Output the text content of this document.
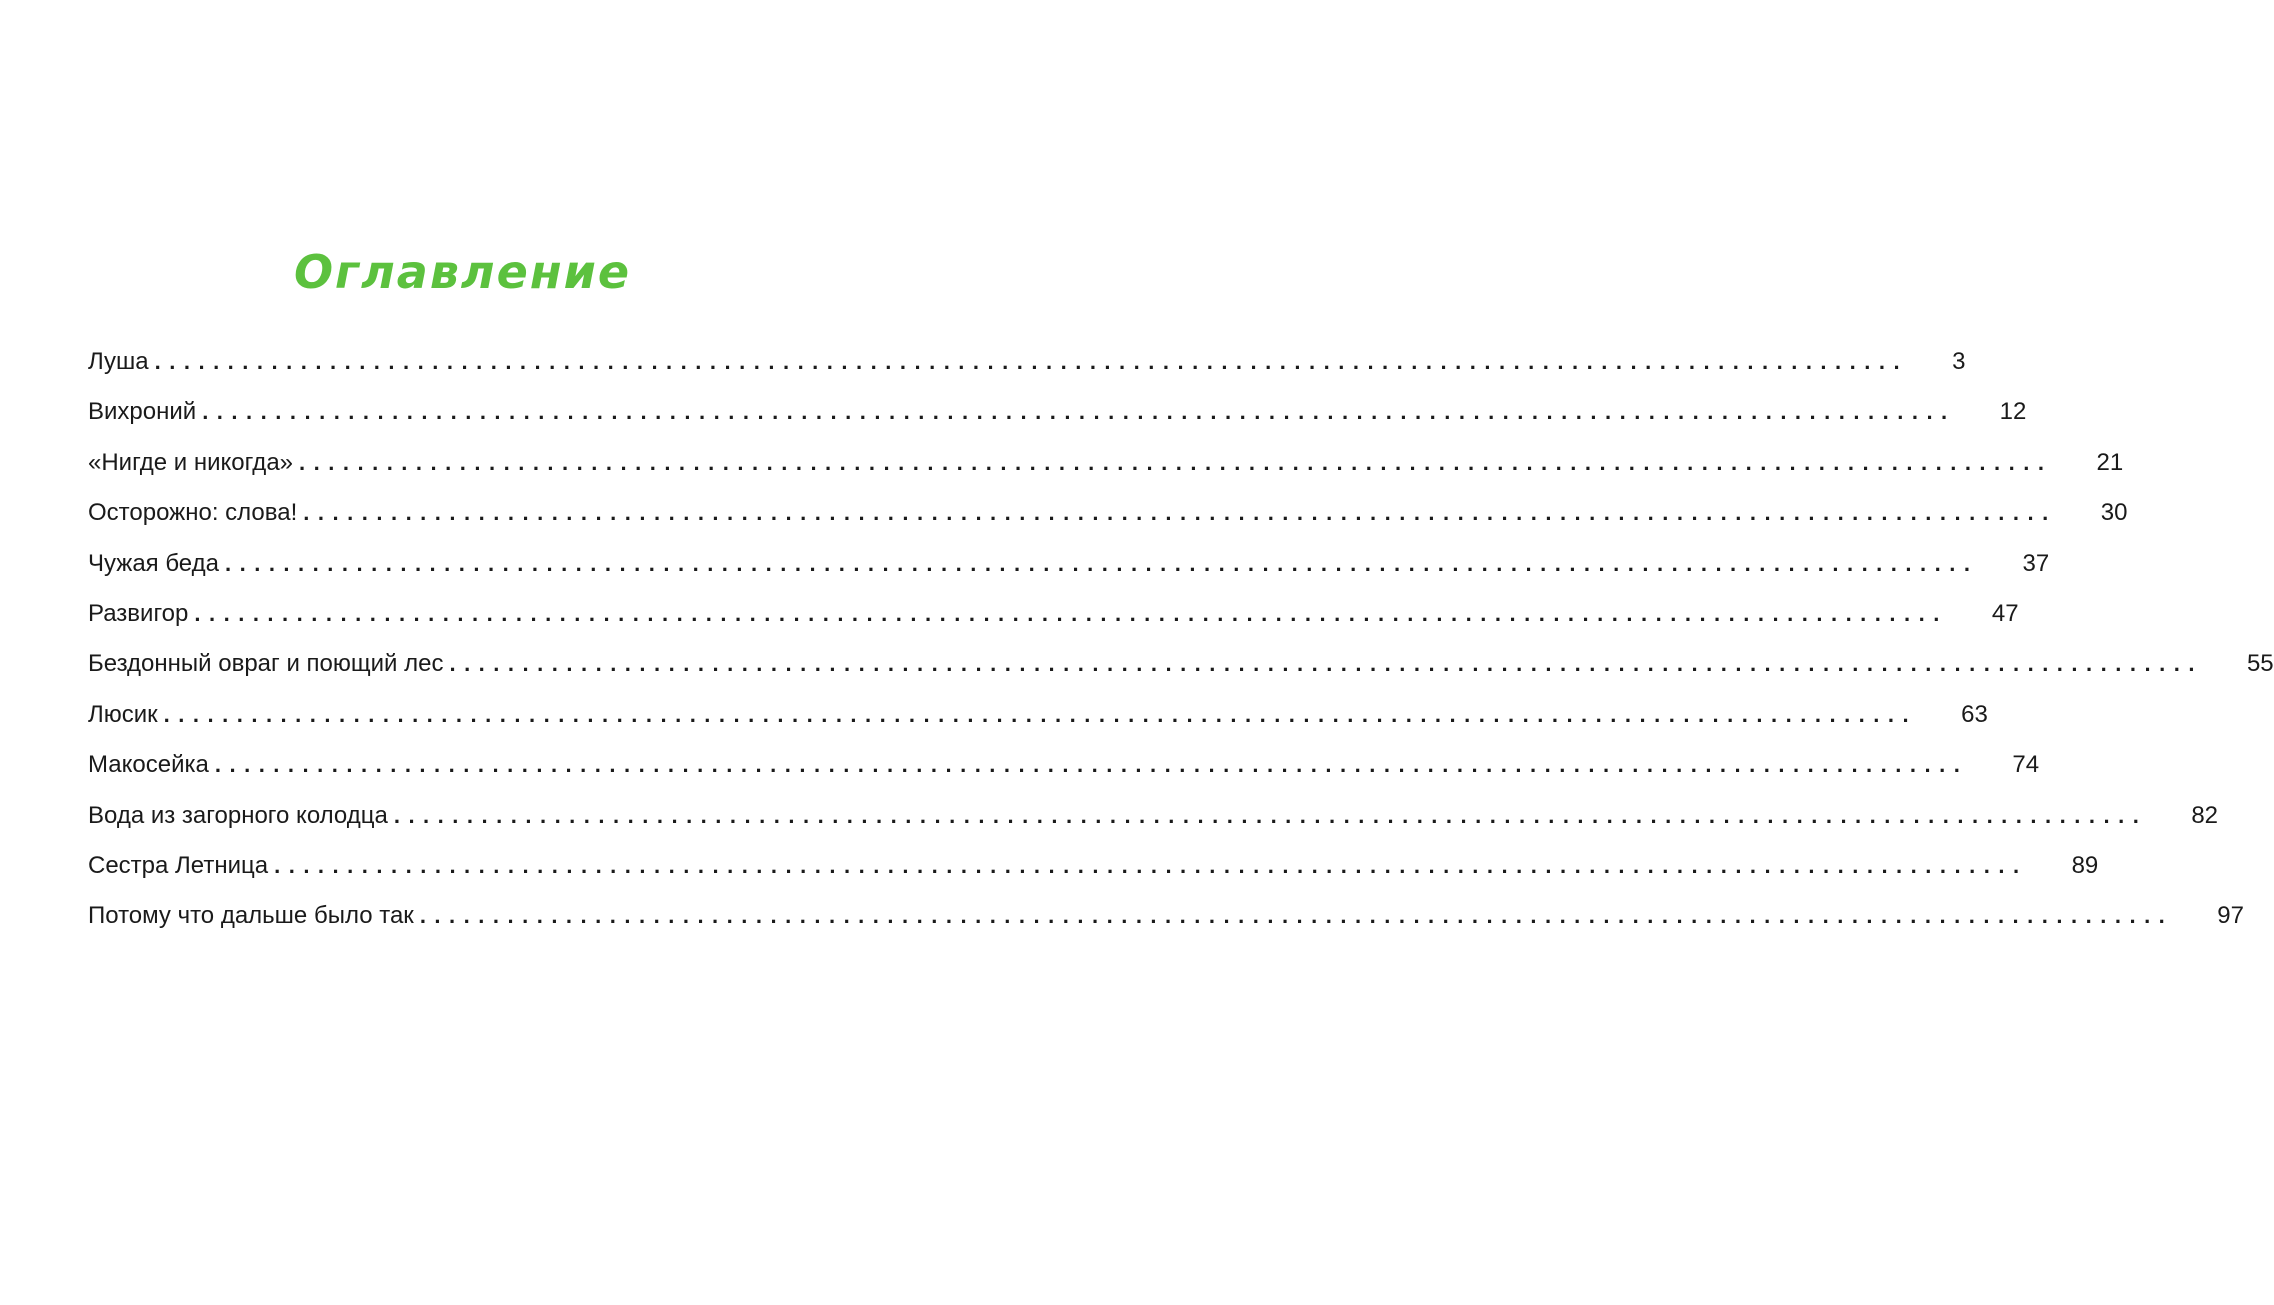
Оглавление
Луша ........................................................................................................................ 3
Вихроний ........................................................................................................................ 12
«Нигде и никогда» ........................................................................................................................ 21
Осторожно: слова! ........................................................................................................................ 30
Чужая беда ........................................................................................................................ 37
Развигор ........................................................................................................................ 47
Бездонный овраг и поющий лес ........................................................................................................................ 55
Люсик ........................................................................................................................ 63
Макосейка ........................................................................................................................ 74
Вода из загорного колодца ........................................................................................................................ 82
Сестра Летница ........................................................................................................................ 89
Потому что дальше было так ........................................................................................................................ 97
